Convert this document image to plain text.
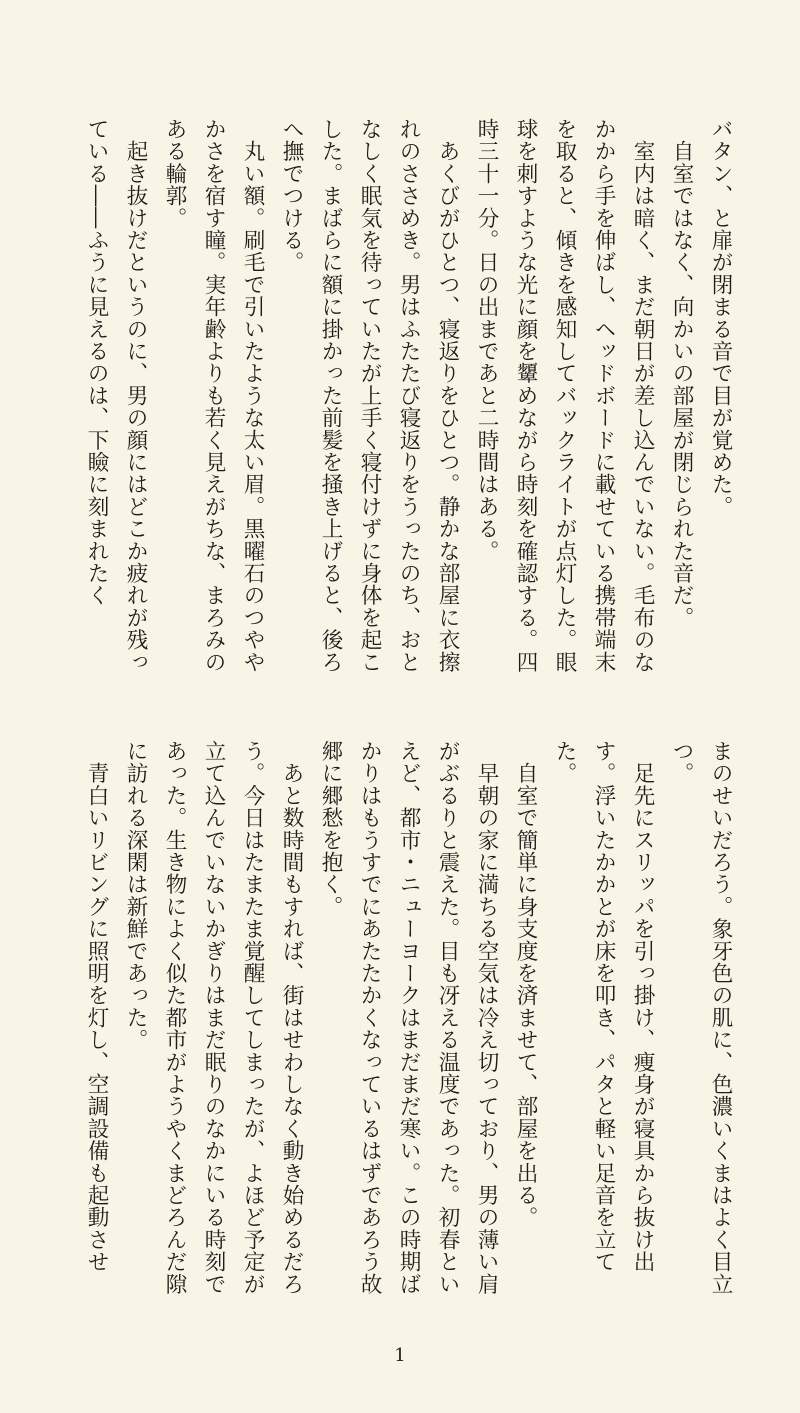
バタン、と扉が閉まる音で目が覚めた。

　自室ではなく、向かいの部屋が閉じられた音だ。

　室内は暗く、まだ朝日が差し込んでいない。毛布のなかから手を伸ばし、ヘッドボードに載せている携帯端末を取ると、傾きを感知してバックライトが点灯した。眼球を刺すような光に顔を顰めながら時刻を確認する。四時三十一分。日の出まであと二時間はある。

　あくびがひとつ、寝返りをひとつ。静かな部屋に衣擦れのささめき。男はふたたび寝返りをうったのち、おとなしく眠気を待っていたが上手く寝付けずに身体を起こした。まばらに額に掛かった前髪を掻き上げると、後ろへ撫でつける。

　丸い額。刷毛で引いたような太い眉。黒曜石のつややかさを宿す瞳。実年齢よりも若く見えがちな、まろみのある輪郭。

　起き抜けだというのに、男の顔にはどこか疲れが残っている――ふうに見えるのは、下瞼に刻まれたく

まのせいだろう。象牙色の肌に、色濃いくまはよく目立つ。

　足先にスリッパを引っ掛け、痩身が寝具から抜け出す。浮いたかかとが床を叩き、パタと軽い足音を立てた。

　自室で簡単に身支度を済ませて、部屋を出る。

　早朝の家に満ちる空気は冷え切っており、男の薄い肩がぶるりと震えた。目も冴える温度であった。初春といえど、都市・ニューヨークはまだまだ寒い。この時期ばかりはもうすでにあたたかくなっているはずであろう故郷に郷愁を抱く。

　あと数時間もすれば、街はせわしなく動き始めるだろう。今日はたまたま覚醒してしまったが、よほど予定が立て込んでいないかぎりはまだ眠りのなかにいる時刻であった。生き物によく似た都市がようやくまどろんだ隙に訪れる深閑は新鮮であった。

　青白いリビングに照明を灯し、空調設備も起動させ

1
